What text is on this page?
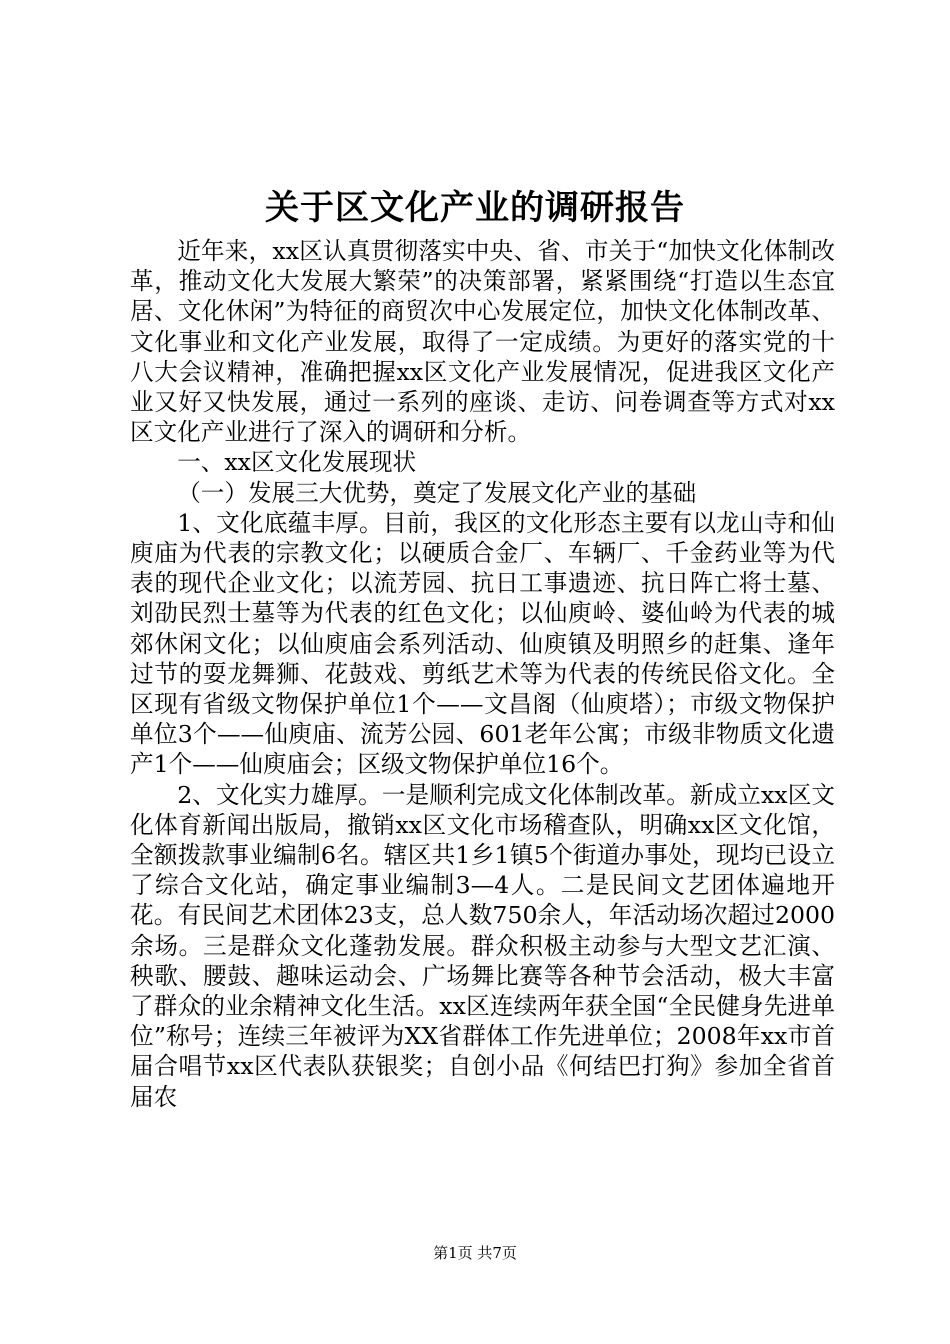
关于区文化产业的调研报告

近年来，xx区认真贯彻落实中央、省、市关于“加快文化体制改革，推动文化大发展大繁荣”的决策部署，紧紧围绕“打造以生态宜居、文化休闲”为特征的商贸次中心发展定位，加快文化体制改革、文化事业和文化产业发展，取得了一定成绩。为更好的落实党的十八大会议精神，准确把握xx区文化产业发展情况，促进我区文化产业又好又快发展，通过一系列的座谈、走访、问卷调查等方式对xx区文化产业进行了深入的调研和分析。

一、xx区文化发展现状

（一）发展三大优势，奠定了发展文化产业的基础

1、文化底蕴丰厚。目前，我区的文化形态主要有以龙山寺和仙庾庙为代表的宗教文化；以硬质合金厂、车辆厂、千金药业等为代表的现代企业文化；以流芳园、抗日工事遗迹、抗日阵亡将士墓、刘劭民烈士墓等为代表的红色文化；以仙庾岭、婆仙岭为代表的城郊休闲文化；以仙庾庙会系列活动、仙庾镇及明照乡的赶集、逢年过节的耍龙舞狮、花鼓戏、剪纸艺术等为代表的传统民俗文化。全区现有省级文物保护单位1个——文昌阁（仙庾塔）；市级文物保护单位3个——仙庾庙、流芳公园、601老年公寓；市级非物质文化遗产1个——仙庾庙会；区级文物保护单位16个。

2、文化实力雄厚。一是顺利完成文化体制改革。新成立xx区文化体育新闻出版局，撤销xx区文化市场稽查队，明确xx区文化馆，全额拨款事业编制6名。辖区共1乡1镇5个街道办事处，现均已设立了综合文化站，确定事业编制3—4人。二是民间文艺团体遍地开花。有民间艺术团体23支，总人数750余人，年活动场次超过2000余场。三是群众文化蓬勃发展。群众积极主动参与大型文艺汇演、秧歌、腰鼓、趣味运动会、广场舞比赛等各种节会活动，极大丰富了群众的业余精神文化生活。xx区连续两年获全国“全民健身先进单位”称号；连续三年被评为XX省群体工作先进单位；2008年xx市首届合唱节xx区代表队获银奖；自创小品《何结巴打狗》参加全省首届农

第1页 共7页
